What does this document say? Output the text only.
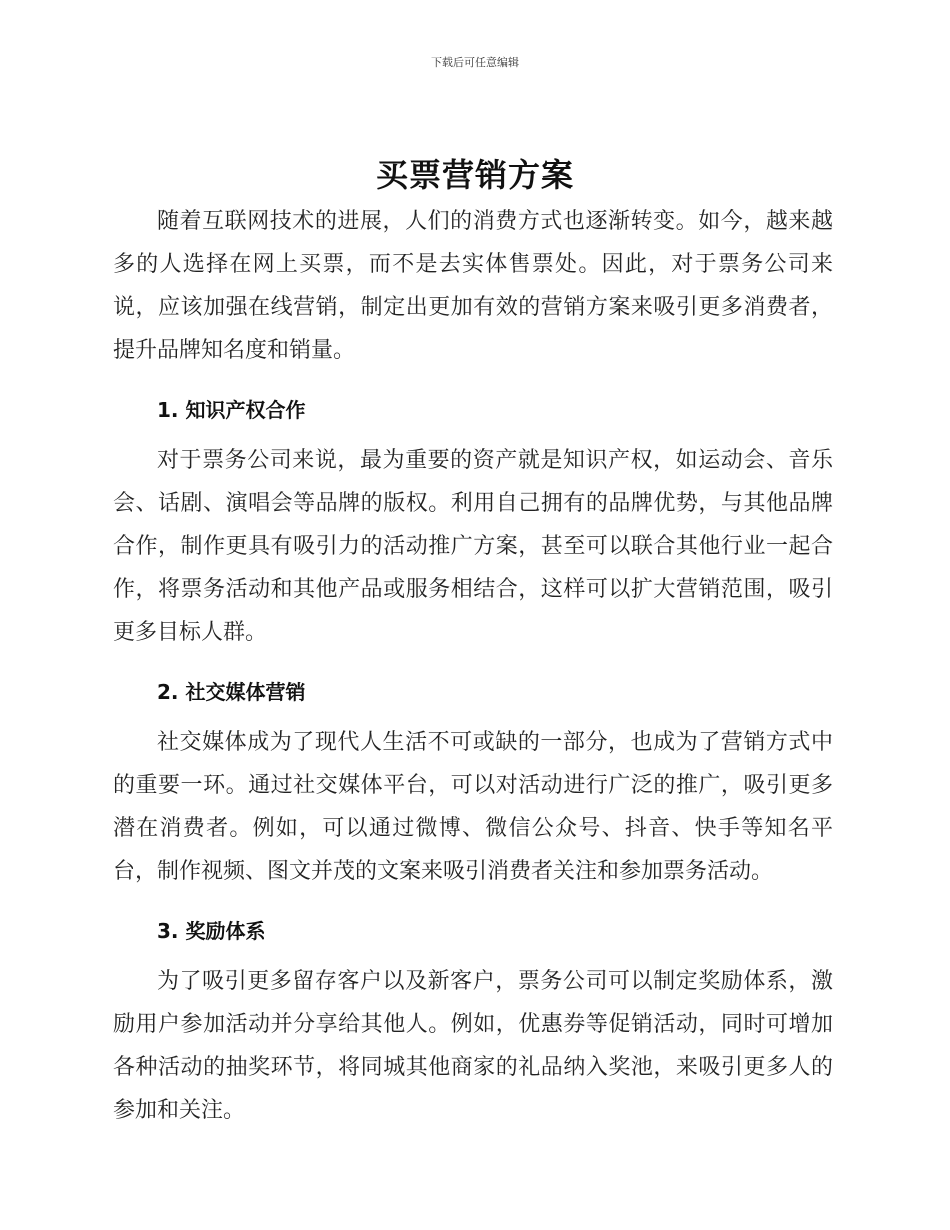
下载后可任意编辑
买票营销方案

随着互联网技术的进展，人们的消费方式也逐渐转变。如今，越来越多的人选择在网上买票，而不是去实体售票处。因此，对于票务公司来说，应该加强在线营销，制定出更加有效的营销方案来吸引更多消费者，提升品牌知名度和销量。

1. 知识产权合作

对于票务公司来说，最为重要的资产就是知识产权，如运动会、音乐会、话剧、演唱会等品牌的版权。利用自己拥有的品牌优势，与其他品牌合作，制作更具有吸引力的活动推广方案，甚至可以联合其他行业一起合作，将票务活动和其他产品或服务相结合，这样可以扩大营销范围，吸引更多目标人群。

2. 社交媒体营销

社交媒体成为了现代人生活不可或缺的一部分，也成为了营销方式中的重要一环。通过社交媒体平台，可以对活动进行广泛的推广，吸引更多潜在消费者。例如，可以通过微博、微信公众号、抖音、快手等知名平台，制作视频、图文并茂的文案来吸引消费者关注和参加票务活动。

3. 奖励体系

为了吸引更多留存客户以及新客户，票务公司可以制定奖励体系，激励用户参加活动并分享给其他人。例如，优惠券等促销活动，同时可增加各种活动的抽奖环节，将同城其他商家的礼品纳入奖池，来吸引更多人的参加和关注。
